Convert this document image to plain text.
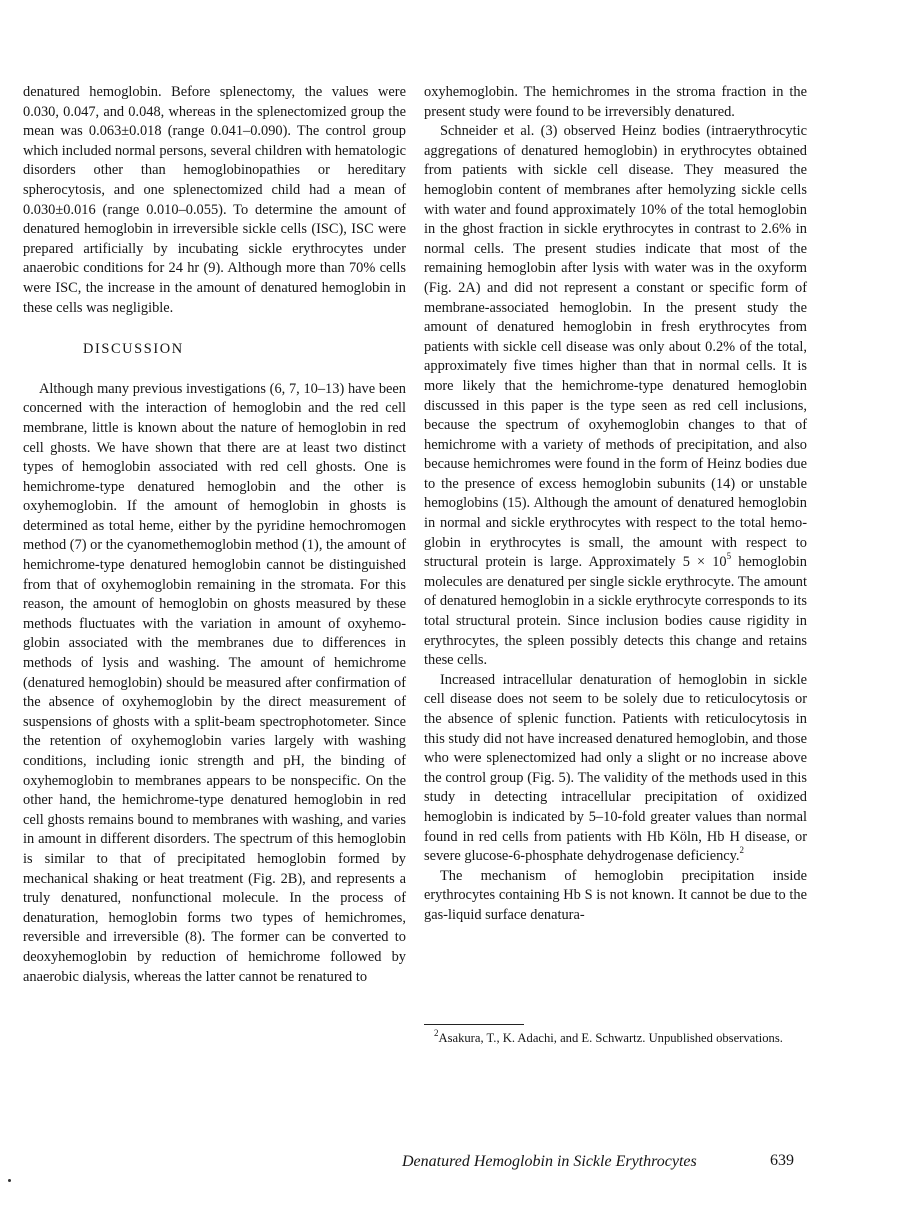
denatured hemoglobin. Before splenectomy, the values were 0.030, 0.047, and 0.048, whereas in the splenectomized group the mean was 0.063±0.018 (range 0.041–0.090). The control group which included normal persons, several children with hematologic disorders other than hemoglobinopathies or hereditary spherocytosis, and one splenectomized child had a mean of 0.030±0.016 (range 0.010–0.055). To determine the amount of denatured hemoglobin in irreversible sickle cells (ISC), ISC were prepared artificially by incubating sickle erythrocytes under anaerobic conditions for 24 hr (9). Although more than 70% cells were ISC, the increase in the amount of denatured hemoglobin in these cells was negligible.

DISCUSSION

Although many previous investigations (6, 7, 10–13) have been concerned with the interaction of hemoglobin and the red cell membrane, little is known about the nature of hemoglobin in red cell ghosts. We have shown that there are at least two distinct types of hemoglobin associated with red cell ghosts. One is hemichrome-type denatured hemoglobin and the other is oxyhemoglobin. If the amount of hemoglobin in ghosts is determined as total heme, either by the pyridine hemochromogen method (7) or the cyanomethemoglobin method (1), the amount of hemichrome-type denatured hemoglobin cannot be distinguished from that of oxyhemoglobin remaining in the stromata. For this reason, the amount of hemoglobin on ghosts measured by these methods fluctuates with the variation in amount of oxyhemoglobin associated with the membranes due to differences in methods of lysis and washing. The amount of hemichrome (denatured hemoglobin) should be measured after confirmation of the absence of oxyhemoglobin by the direct measurement of suspensions of ghosts with a split-beam spectrophotometer. Since the retention of oxyhemoglobin varies largely with washing conditions, including ionic strength and pH, the binding of oxyhemoglobin to membranes appears to be nonspecific. On the other hand, the hemichrome-type denatured hemoglobin in red cell ghosts remains bound to membranes with washing, and varies in amount in different disorders. The spectrum of this hemoglobin is similar to that of precipitated hemoglobin formed by mechanical shaking or heat treatment (Fig. 2B), and represents a truly denatured, nonfunctional molecule. In the process of denaturation, hemoglobin forms two types of hemichromes, reversible and irreversible (8). The former can be converted to deoxyhemoglobin by reduction of hemichrome followed by anaerobic dialysis, whereas the latter cannot be renatured to

oxyhemoglobin. The hemichromes in the stroma fraction in the present study were found to be irreversibly denatured.

Schneider et al. (3) observed Heinz bodies (intraerythrocytic aggregations of denatured hemoglobin) in erythrocytes obtained from patients with sickle cell disease. They measured the hemoglobin content of membranes after hemolyzing sickle cells with water and found approximately 10% of the total hemoglobin in the ghost fraction in sickle erythrocytes in contrast to 2.6% in normal cells. The present studies indicate that most of the remaining hemoglobin after lysis with water was in the oxyform (Fig. 2A) and did not represent a constant or specific form of membrane-associated hemoglobin. In the present study the amount of denatured hemoglobin in fresh erythrocytes from patients with sickle cell disease was only about 0.2% of the total, approximately five times higher than that in normal cells. It is more likely that the hemichrome-type denatured hemoglobin discussed in this paper is the type seen as red cell inclusions, because the spectrum of oxyhemoglobin changes to that of hemichrome with a variety of methods of precipitation, and also because hemichromes were found in the form of Heinz bodies due to the presence of excess hemoglobin subunits (14) or unstable hemoglobins (15). Although the amount of denatured hemoglobin in normal and sickle erythrocytes with respect to the total hemoglobin in erythrocytes is small, the amount with respect to structural protein is large. Approximately $5 \times 10^5$ hemoglobin molecules are denatured per single sickle erythrocyte. The amount of denatured hemoglobin in a sickle erythrocyte corresponds to its total structural protein. Since inclusion bodies cause rigidity in erythrocytes, the spleen possibly detects this change and retains these cells.

Increased intracellular denaturation of hemoglobin in sickle cell disease does not seem to be solely due to reticulocytosis or the absence of splenic function. Patients with reticulocytosis in this study did not have increased denatured hemoglobin, and those who were splenectomized had only a slight or no increase above the control group (Fig. 5). The validity of the methods used in this study in detecting intracellular precipitation of oxidized hemoglobin is indicated by 5–10-fold greater values than normal found in red cells from patients with Hb Köln, Hb H disease, or severe glucose-6-phosphate dehydrogenase deficiency.$^2$

The mechanism of hemoglobin precipitation inside erythrocytes containing Hb S is not known. It cannot be due to the gas-liquid surface denatura-

$^2$Asakura, T., K. Adachi, and E. Schwartz. Unpublished observations.
Denatured Hemoglobin in Sickle Erythrocytes	639
